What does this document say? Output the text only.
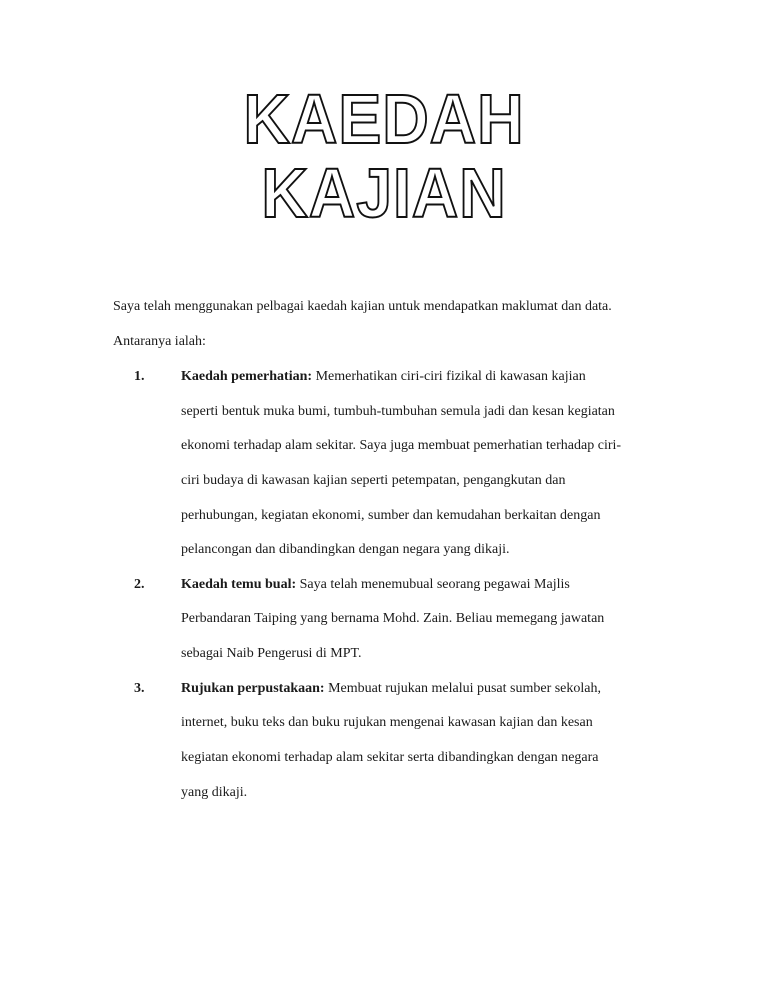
KAEDAH
KAJIAN
Saya telah menggunakan pelbagai kaedah kajian untuk mendapatkan maklumat dan data.
Antaranya ialah:
1.	Kaedah pemerhatian: Memerhatikan ciri-ciri fizikal di kawasan kajian
seperti bentuk muka bumi, tumbuh-tumbuhan semula jadi dan kesan kegiatan
ekonomi terhadap alam sekitar. Saya juga membuat pemerhatian terhadap ciri-
ciri budaya di kawasan kajian seperti petempatan, pengangkutan dan
perhubungan, kegiatan ekonomi, sumber dan kemudahan berkaitan dengan
pelancongan dan dibandingkan dengan negara yang dikaji.
2.	Kaedah temu bual: Saya telah menemubual seorang pegawai Majlis
Perbandaran Taiping yang bernama Mohd. Zain. Beliau memegang jawatan
sebagai Naib Pengerusi di MPT.
3.	Rujukan perpustakaan: Membuat rujukan melalui pusat sumber sekolah,
internet, buku teks dan buku rujukan mengenai kawasan kajian dan kesan
kegiatan ekonomi terhadap alam sekitar serta dibandingkan dengan negara
yang dikaji.
